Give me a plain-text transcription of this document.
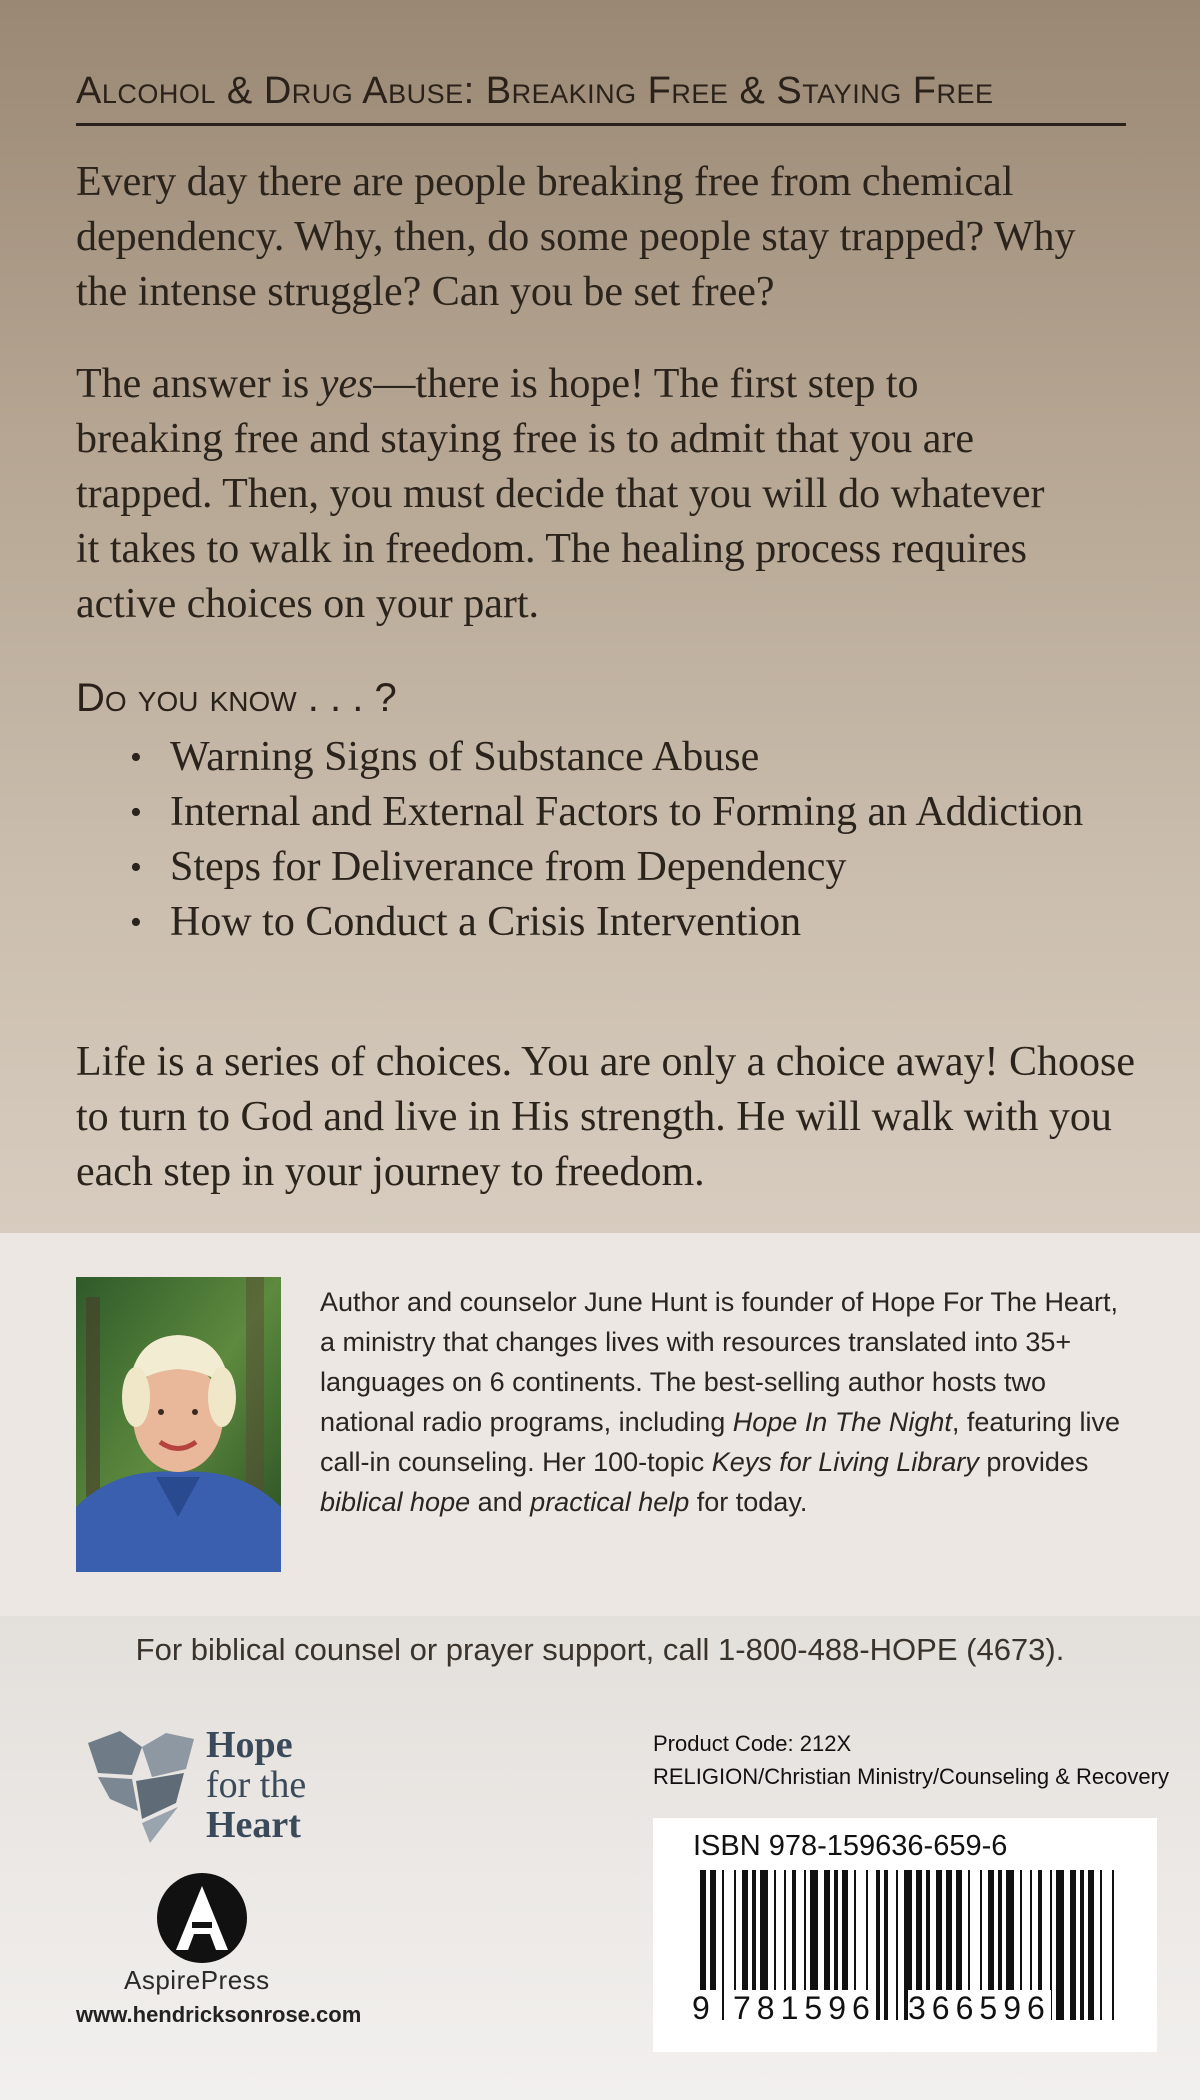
Alcohol & Drug Abuse: Breaking Free & Staying Free
Every day there are people breaking free from chemical dependency. Why, then, do some people stay trapped? Why the intense struggle? Can you be set free?
The answer is yes—there is hope! The first step to
breaking free and staying free is to admit that you are
trapped. Then, you must decide that you will do whatever
it takes to walk in freedom. The healing process requires active choices on your part.
Do you know . . . ?
• Warning Signs of Substance Abuse
• Internal and External Factors to Forming an Addiction
• Steps for Deliverance from Dependency
• How to Conduct a Crisis Intervention
Life is a series of choices. You are only a choice away! Choose to turn to God and live in His strength. He will walk with you each step in your journey to freedom.
Author and counselor June Hunt is founder of Hope For The Heart, a ministry that changes lives with resources translated into 35+ languages on 6 continents. The best-selling author hosts two national radio programs, including Hope In The Night, featuring live call-in counseling. Her 100-topic Keys for Living Library provides biblical hope and practical help for today.
For biblical counsel or prayer support, call 1-800-488-HOPE (4673).
Hope
for the
Heart
AspirePress
www.hendricksonrose.com
Product Code: 212X
RELIGION/Christian Ministry/Counseling & Recovery
ISBN 978-159636-659-6
9 781596 366596
